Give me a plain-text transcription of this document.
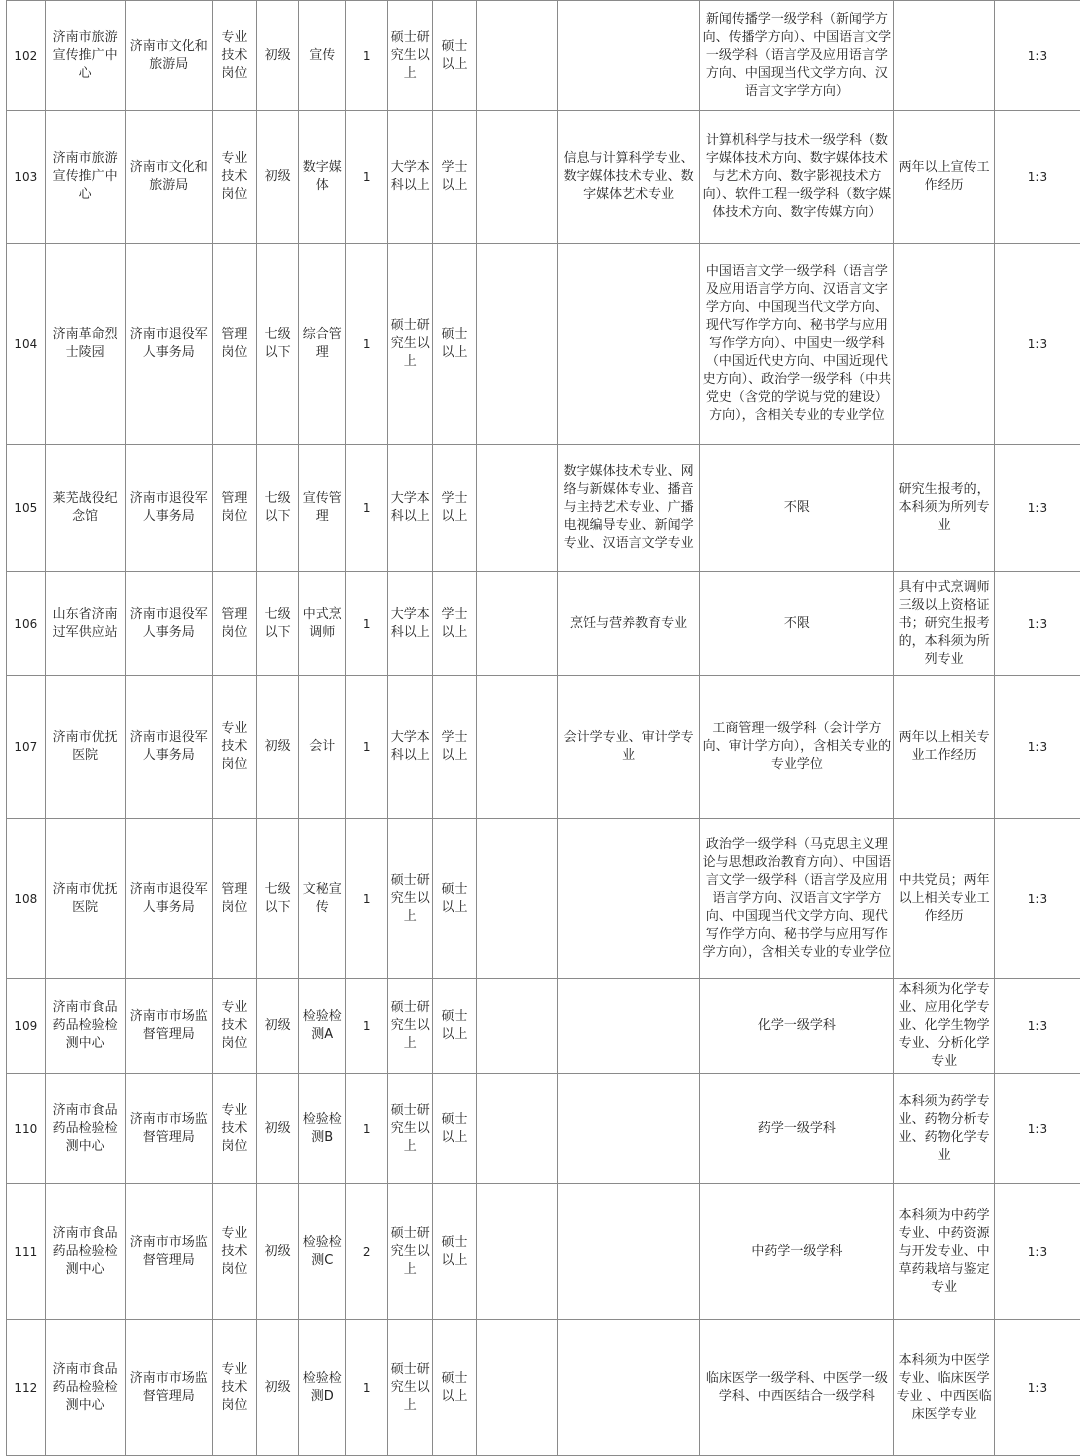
102	济南市旅游宣传推广中心	济南市文化和旅游局	专业技术岗位	初级	宣传	1	硕士研究生以上	硕士以上			新闻传播学一级学科（新闻学方向、传播学方向）、中国语言文学一级学科（语言学及应用语言学方向、中国现当代文学方向、汉语言文字学方向）		1:3
103	济南市旅游宣传推广中心	济南市文化和旅游局	专业技术岗位	初级	数字媒体	1	大学本科以上	学士以上		信息与计算科学专业、数字媒体技术专业、数字媒体艺术专业	计算机科学与技术一级学科（数字媒体技术方向、数字媒体技术与艺术方向、数字影视技术方向）、软件工程一级学科（数字媒体技术方向、数字传媒方向）	两年以上宣传工作经历	1:3
104	济南革命烈士陵园	济南市退役军人事务局	管理岗位	七级以下	综合管理	1	硕士研究生以上	硕士以上			中国语言文学一级学科（语言学及应用语言学方向、汉语言文字学方向、中国现当代文学方向、现代写作学方向、秘书学与应用写作学方向）、中国史一级学科（中国近代史方向、中国近现代史方向）、政治学一级学科（中共党史（含党的学说与党的建设）方向），含相关专业的专业学位		1:3
105	莱芜战役纪念馆	济南市退役军人事务局	管理岗位	七级以下	宣传管理	1	大学本科以上	学士以上		数字媒体技术专业、网络与新媒体专业、播音与主持艺术专业、广播电视编导专业、新闻学专业、汉语言文学专业	不限	研究生报考的，本科须为所列专业	1:3
106	山东省济南过军供应站	济南市退役军人事务局	管理岗位	七级以下	中式烹调师	1	大学本科以上	学士以上		烹饪与营养教育专业	不限	具有中式烹调师三级以上资格证书；研究生报考的，本科须为所列专业	1:3
107	济南市优抚医院	济南市退役军人事务局	专业技术岗位	初级	会计	1	大学本科以上	学士以上		会计学专业、审计学专业	工商管理一级学科（会计学方向、审计学方向），含相关专业的专业学位	两年以上相关专业工作经历	1:3
108	济南市优抚医院	济南市退役军人事务局	管理岗位	七级以下	文秘宣传	1	硕士研究生以上	硕士以上			政治学一级学科（马克思主义理论与思想政治教育方向）、中国语言文学一级学科（语言学及应用语言学方向、汉语言文字学方向、中国现当代文学方向、现代写作学方向、秘书学与应用写作学方向），含相关专业的专业学位	中共党员；两年以上相关专业工作经历	1:3
109	济南市食品药品检验检测中心	济南市市场监督管理局	专业技术岗位	初级	检验检测A	1	硕士研究生以上	硕士以上			化学一级学科	本科须为化学专业、应用化学专业、化学生物学专业、分析化学专业	1:3
110	济南市食品药品检验检测中心	济南市市场监督管理局	专业技术岗位	初级	检验检测B	1	硕士研究生以上	硕士以上			药学一级学科	本科须为药学专业、药物分析专业、药物化学专业	1:3
111	济南市食品药品检验检测中心	济南市市场监督管理局	专业技术岗位	初级	检验检测C	2	硕士研究生以上	硕士以上			中药学一级学科	本科须为中药学专业、中药资源与开发专业、中草药栽培与鉴定专业	1:3
112	济南市食品药品检验检测中心	济南市市场监督管理局	专业技术岗位	初级	检验检测D	1	硕士研究生以上	硕士以上			临床医学一级学科、中医学一级学科、中西医结合一级学科	本科须为中医学专业、临床医学专业 、中西医临床医学专业	1:3
